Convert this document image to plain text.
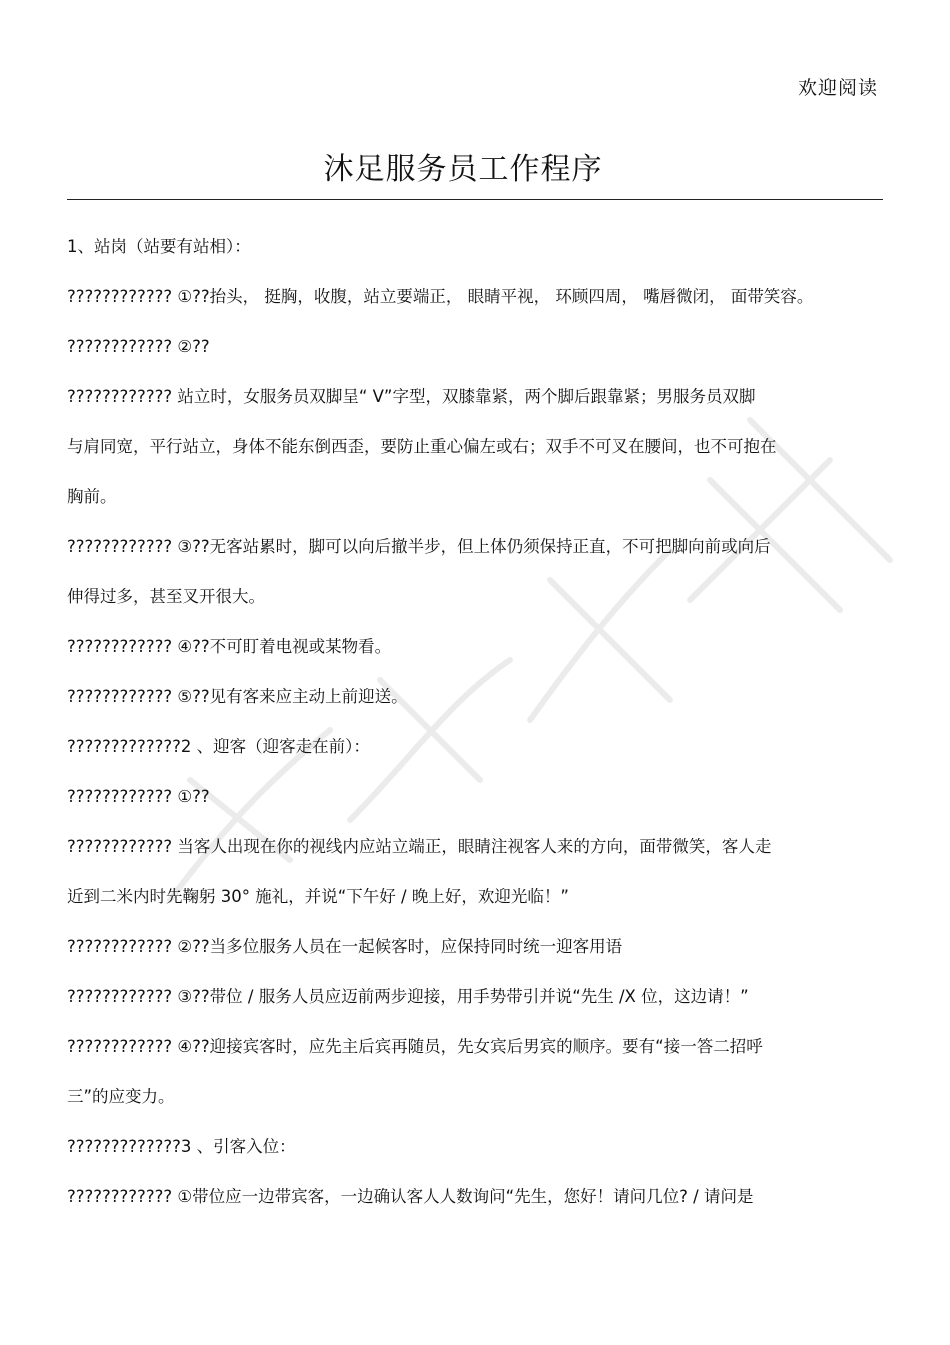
欢迎阅读
沐足服务员工作程序
1、站岗（站要有站相）：
???????????? ①??抬头， 挺胸，收腹，站立要端正， 眼睛平视， 环顾四周， 嘴唇微闭， 面带笑容。
???????????? ②??
???????????? 站立时，女服务员双脚呈“ V”字型，双膝靠紧，两个脚后跟靠紧；男服务员双脚
与肩同宽，平行站立，身体不能东倒西歪，要防止重心偏左或右；双手不可叉在腰间，也不可抱在
胸前。
???????????? ③??无客站累时，脚可以向后撤半步，但上体仍须保持正直，不可把脚向前或向后
伸得过多，甚至叉开很大。
???????????? ④??不可盯着电视或某物看。
???????????? ⑤??见有客来应主动上前迎送。
?????????????2 、迎客（迎客走在前）：
???????????? ①??
???????????? 当客人出现在你的视线内应站立端正，眼睛注视客人来的方向，面带微笑，客人走
近到二米内时先鞠躬 30° 施礼，并说“下午好 / 晚上好，欢迎光临！”
???????????? ②??当多位服务人员在一起候客时，应保持同时统一迎客用语
???????????? ③??带位 / 服务人员应迈前两步迎接，用手势带引并说“先生 /X 位，这边请！”
???????????? ④??迎接宾客时，应先主后宾再随员，先女宾后男宾的顺序。要有“接一答二招呼
三”的应变力。
?????????????3 、引客入位：
???????????? ①带位应一边带宾客，一边确认客人人数询问“先生，您好！请问几位? / 请问是
